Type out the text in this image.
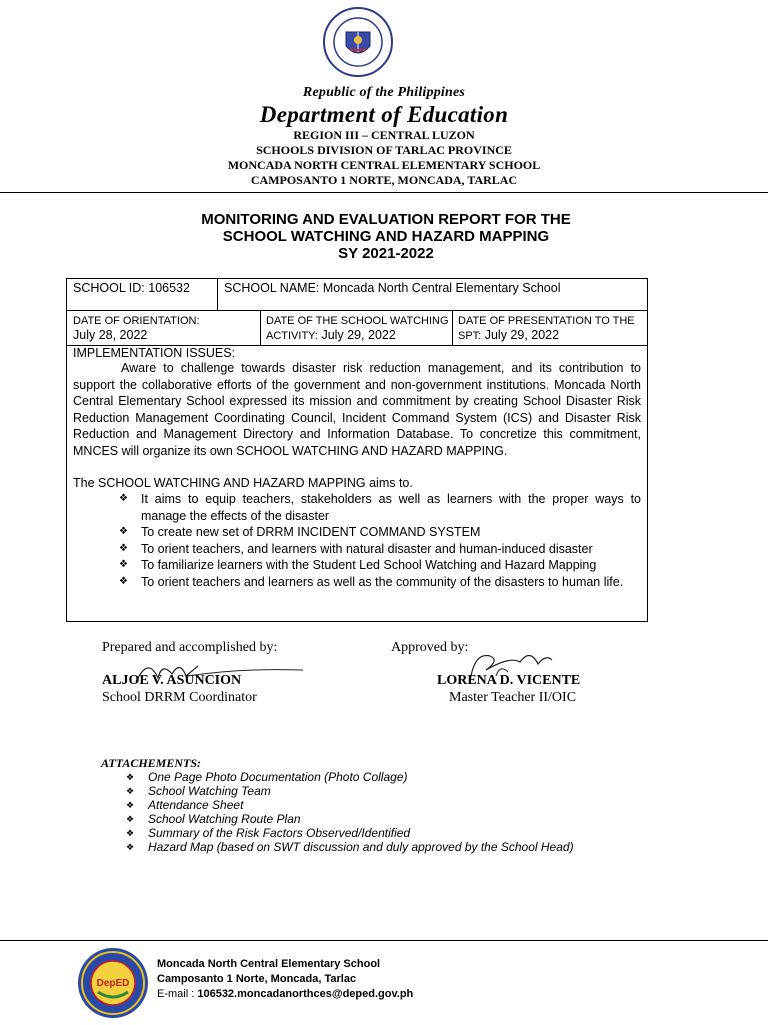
Republic of the Philippines
Department of Education
REGION III – CENTRAL LUZON
SCHOOLS DIVISION OF TARLAC PROVINCE
MONCADA NORTH CENTRAL ELEMENTARY SCHOOL
CAMPOSANTO 1 NORTE, MONCADA, TARLAC
MONITORING AND EVALUATION REPORT FOR THE
SCHOOL WATCHING AND HAZARD MAPPING
SY 2021-2022
SCHOOL ID: 106532	SCHOOL NAME: Moncada North Central Elementary School
DATE OF ORIENTATION:
July 28, 2022
DATE OF THE SCHOOL WATCHING
ACTIVITY: July 29, 2022
DATE OF PRESENTATION TO THE
SPT: July 29, 2022
IMPLEMENTATION ISSUES:
Aware to challenge towards disaster risk reduction management, and its contribution to support the collaborative efforts of the government and non-government institutions. Moncada North Central Elementary School expressed its mission and commitment by creating School Disaster Risk Reduction Management Coordinating Council, Incident Command System (ICS) and Disaster Risk Reduction and Management Directory and Information Database. To concretize this commitment, MNCES will organize its own SCHOOL WATCHING AND HAZARD MAPPING.
The SCHOOL WATCHING AND HAZARD MAPPING aims to.
❖ It aims to equip teachers, stakeholders as well as learners with the proper ways to manage the effects of the disaster
❖ To create new set of DRRM INCIDENT COMMAND SYSTEM
❖ To orient teachers, and learners with natural disaster and human-induced disaster
❖ To familiarize learners with the Student Led School Watching and Hazard Mapping
❖ To orient teachers and learners as well as the community of the disasters to human life.
Prepared and accomplished by:	Approved by:
ALJOE V. ASUNCION
School DRRM Coordinator
LORENA D. VICENTE
Master Teacher II/OIC
ATTACHEMENTS:
❖ One Page Photo Documentation (Photo Collage)
❖ School Watching Team
❖ Attendance Sheet
❖ School Watching Route Plan
❖ Summary of the Risk Factors Observed/Identified
❖ Hazard Map (based on SWT discussion and duly approved by the School Head)
DepED
Moncada North Central Elementary School
Camposanto 1 Norte, Moncada, Tarlac
E-mail : 106532.moncadanorthces@deped.gov.ph
